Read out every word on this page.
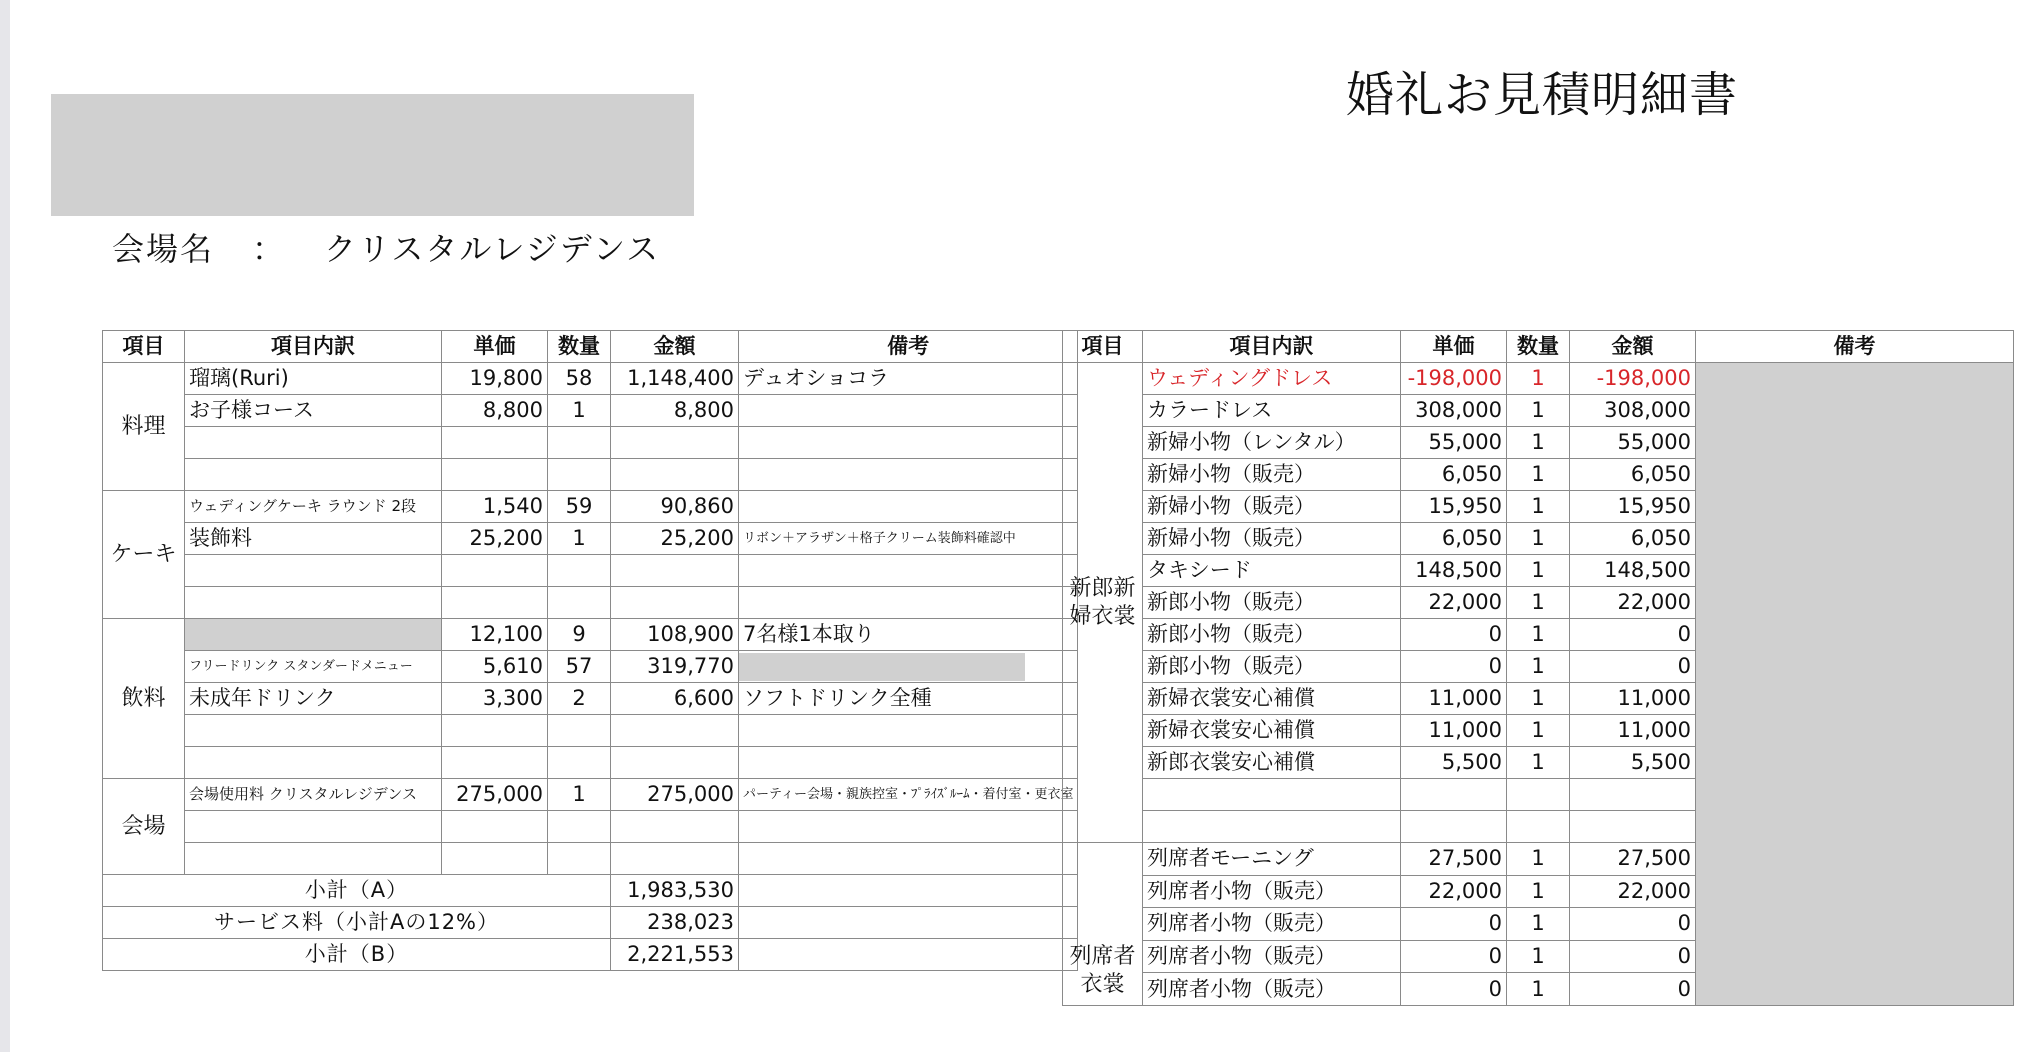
婚礼お見積明細書
会場名 ： クリスタルレジデンス
項目	項目内訳	単価	数量	金額	備考
料理	瑠璃(Ruri)	19,800	58	1,148,400	デュオショコラ
	お子様コース	8,800	1	8,800	

ケーキ	ウェディングケーキ ラウンド 2段	1,540	59	90,860	
	装飾料	25,200	1	25,200	リボン＋アラザン＋格子クリーム装飾料確認中

飲料		12,100	9	108,900	7名様1本取り
	フリードリンク スタンダードメニュー	5,610	57	319,770	

	未成年ドリンク	3,300	2	6,600	ソフトドリンク全種

会場	会場使用料 クリスタルレジデンス	275,000	1	275,000	パーティー会場・親族控室・ﾌﾟﾗｲｽﾞﾙｰﾑ・着付室・更衣室

小計（A）				1,983,530	
サービス料（小計Aの12%）				238,023	
小計（B）				2,221,553	
項目	項目内訳	単価	数量	金額	備考
新郎新婦衣裳	ウェディングドレス	-198,000	1	-198,000	
	カラードレス	308,000	1	308,000	
	新婦小物（レンタル）	55,000	1	55,000	
	新婦小物（販売）	6,050	1	6,050	
	新婦小物（販売）	15,950	1	15,950	
	新婦小物（販売）	6,050	1	6,050	
	タキシード	148,500	1	148,500	
	新郎小物（販売）	22,000	1	22,000	
	新郎小物（販売）	0	1	0	
	新郎小物（販売）	0	1	0	
	新婦衣裳安心補償	11,000	1	11,000	
	新婦衣裳安心補償	11,000	1	11,000	
	新郎衣裳安心補償	5,500	1	5,500	

列席者衣裳	列席者モーニング	27,500	1	27,500	
	列席者小物（販売）	22,000	1	22,000	
	列席者小物（販売）	0	1	0	
	列席者小物（販売）	0	1	0	
	列席者小物（販売）	0	1	0	
